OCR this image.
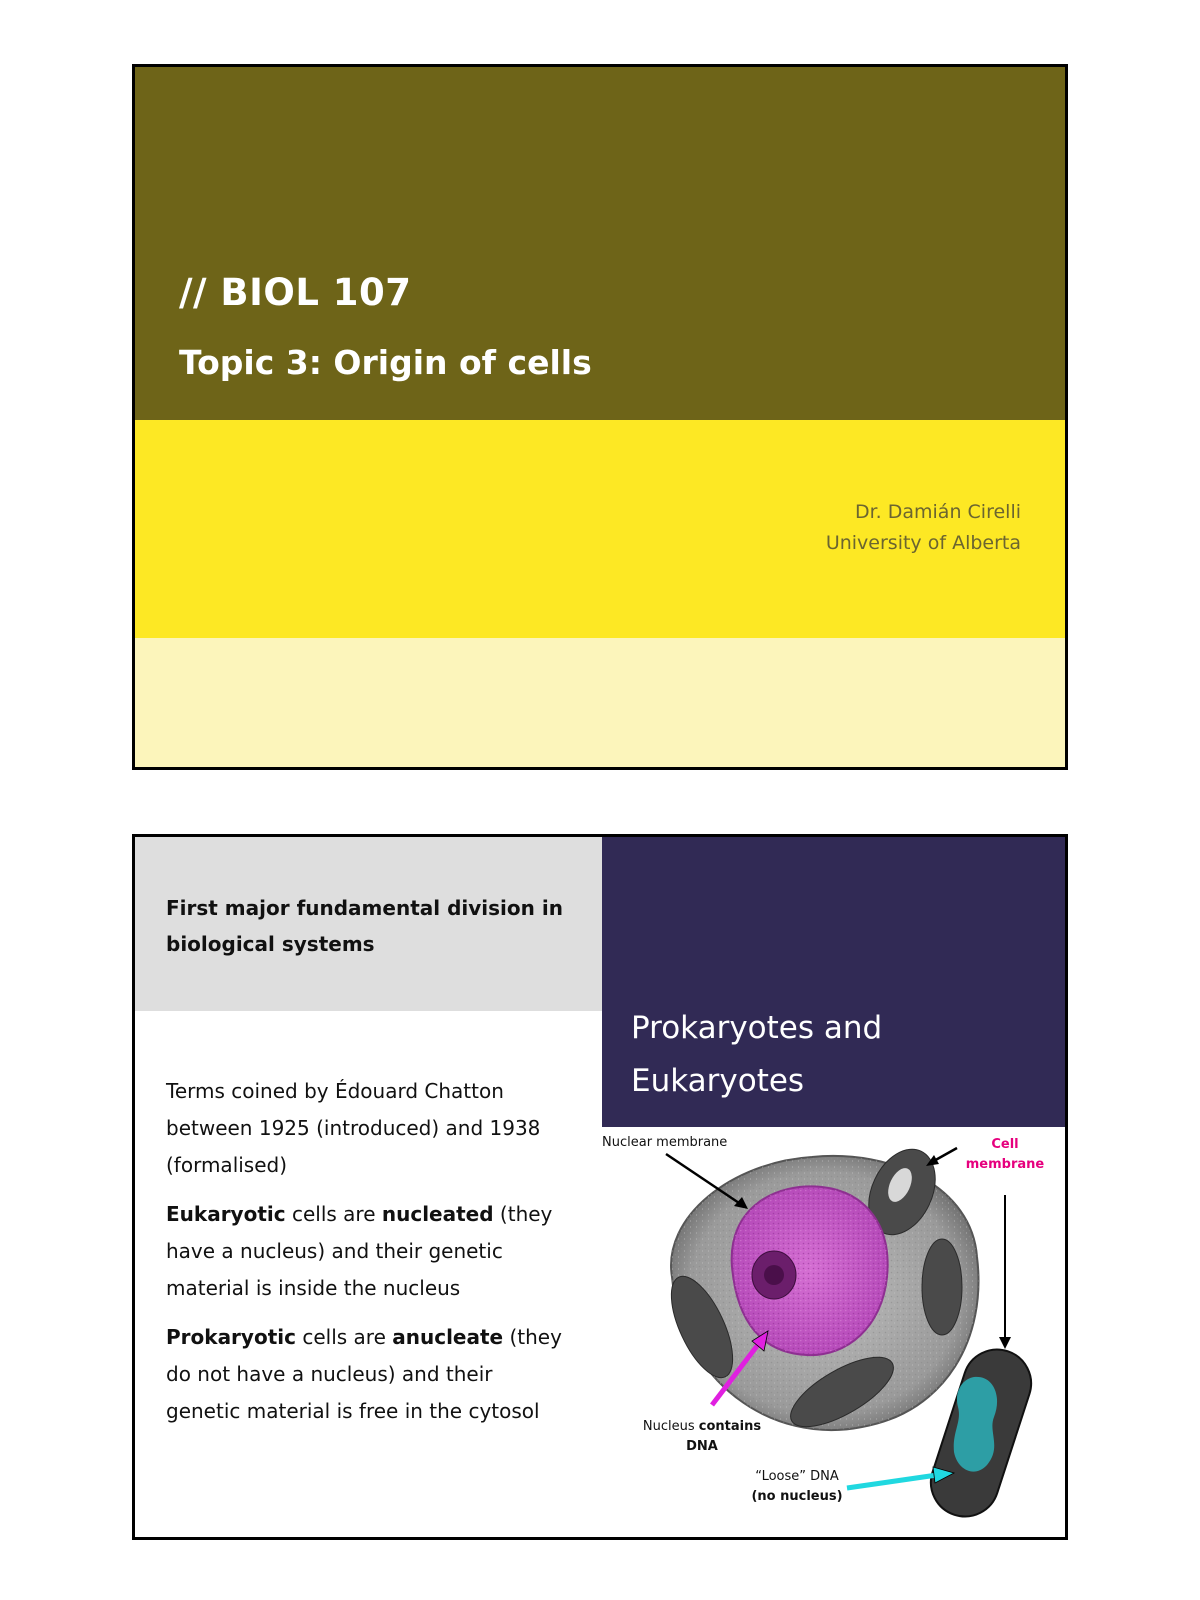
// BIOL 107
Topic 3: Origin of cells
Dr. Damián Cirelli
University of Alberta
First major fundamental division in biological systems
Prokaryotes and
Eukaryotes

Terms coined by Édouard Chatton between 1925 (introduced) and 1938 (formalised)

Eukaryotic cells are nucleated (they have a nucleus) and their genetic material is inside the nucleus

Prokaryotic cells are anucleate (they do not have a nucleus) and their genetic material is free in the cytosol

Nuclear membrane	Cell
membrane
Nucleus contains
DNA
“Loose” DNA
(no nucleus)
